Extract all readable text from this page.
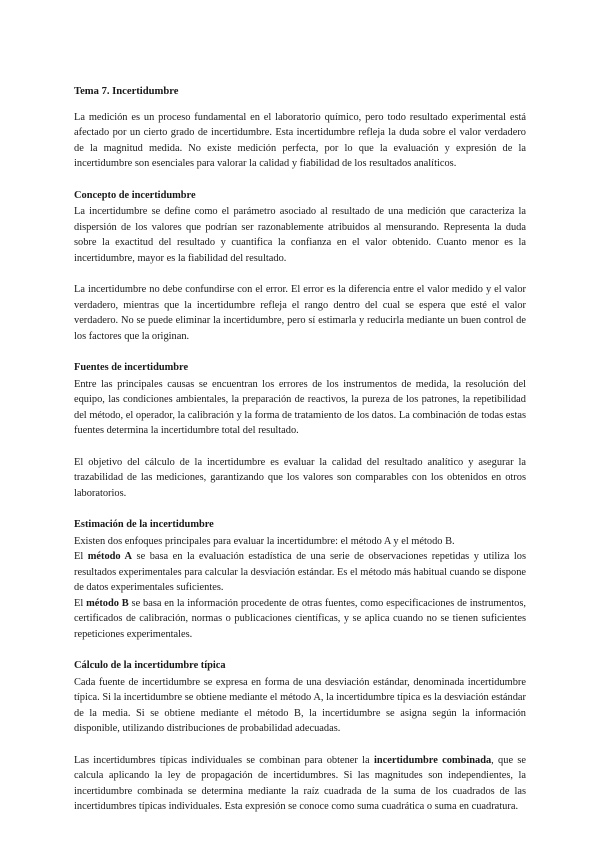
Tema 7. Incertidumbre

La medición es un proceso fundamental en el laboratorio químico, pero todo resultado experimental está afectado por un cierto grado de incertidumbre. Esta incertidumbre refleja la duda sobre el valor verdadero de la magnitud medida. No existe medición perfecta, por lo que la evaluación y expresión de la incertidumbre son esenciales para valorar la calidad y fiabilidad de los resultados analíticos.

Concepto de incertidumbre

La incertidumbre se define como el parámetro asociado al resultado de una medición que caracteriza la dispersión de los valores que podrían ser razonablemente atribuidos al mensurando. Representa la duda sobre la exactitud del resultado y cuantifica la confianza en el valor obtenido. Cuanto menor es la incertidumbre, mayor es la fiabilidad del resultado.

La incertidumbre no debe confundirse con el error. El error es la diferencia entre el valor medido y el valor verdadero, mientras que la incertidumbre refleja el rango dentro del cual se espera que esté el valor verdadero. No se puede eliminar la incertidumbre, pero sí estimarla y reducirla mediante un buen control de los factores que la originan.

Fuentes de incertidumbre

Entre las principales causas se encuentran los errores de los instrumentos de medida, la resolución del equipo, las condiciones ambientales, la preparación de reactivos, la pureza de los patrones, la repetibilidad del método, el operador, la calibración y la forma de tratamiento de los datos. La combinación de todas estas fuentes determina la incertidumbre total del resultado.

El objetivo del cálculo de la incertidumbre es evaluar la calidad del resultado analítico y asegurar la trazabilidad de las mediciones, garantizando que los valores son comparables con los obtenidos en otros laboratorios.

Estimación de la incertidumbre

Existen dos enfoques principales para evaluar la incertidumbre: el método A y el método B.

El método A se basa en la evaluación estadística de una serie de observaciones repetidas y utiliza los resultados experimentales para calcular la desviación estándar. Es el método más habitual cuando se dispone de datos experimentales suficientes.

El método B se basa en la información procedente de otras fuentes, como especificaciones de instrumentos, certificados de calibración, normas o publicaciones científicas, y se aplica cuando no se tienen suficientes repeticiones experimentales.

Cálculo de la incertidumbre típica

Cada fuente de incertidumbre se expresa en forma de una desviación estándar, denominada incertidumbre típica. Si la incertidumbre se obtiene mediante el método A, la incertidumbre típica es la desviación estándar de la media. Si se obtiene mediante el método B, la incertidumbre se asigna según la información disponible, utilizando distribuciones de probabilidad adecuadas.

Las incertidumbres típicas individuales se combinan para obtener la incertidumbre combinada, que se calcula aplicando la ley de propagación de incertidumbres. Si las magnitudes son independientes, la incertidumbre combinada se determina mediante la raíz cuadrada de la suma de los cuadrados de las incertidumbres típicas individuales. Esta expresión se conoce como suma cuadrática o suma en cuadratura.
